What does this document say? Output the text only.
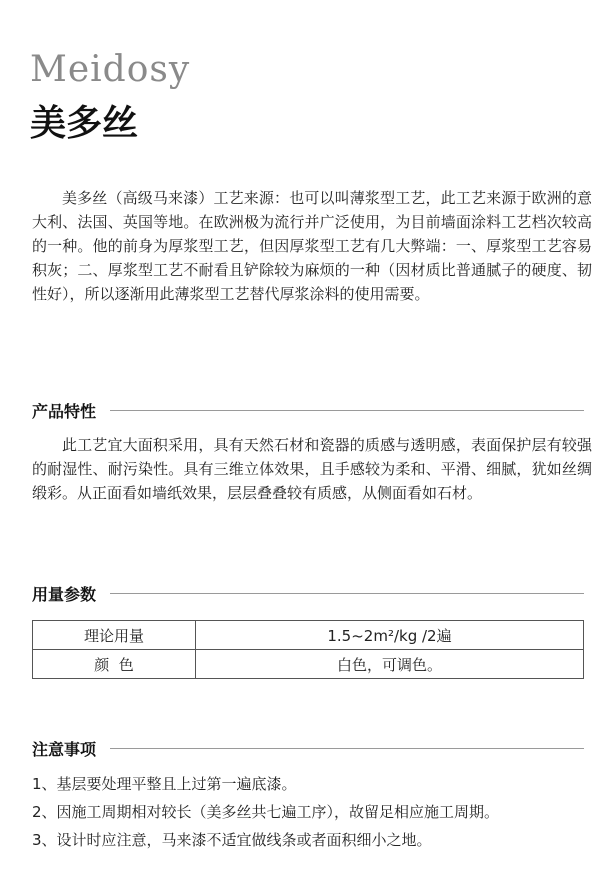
Meidosy
美多丝

美多丝（高级马来漆）工艺来源：也可以叫薄浆型工艺，此工艺来源于欧洲的意大利、法国、英国等地。在欧洲极为流行并广泛使用，为目前墙面涂料工艺档次较高的一种。他的前身为厚浆型工艺，但因厚浆型工艺有几大弊端：一、厚浆型工艺容易积灰；二、厚浆型工艺不耐看且铲除较为麻烦的一种（因材质比普通腻子的硬度、韧性好），所以逐渐用此薄浆型工艺替代厚浆涂料的使用需要。

产品特性

此工艺宜大面积采用，具有天然石材和瓷器的质感与透明感，表面保护层有较强的耐湿性、耐污染性。具有三维立体效果，且手感较为柔和、平滑、细腻，犹如丝绸缎彩。从正面看如墙纸效果，层层叠叠较有质感，从侧面看如石材。

用量参数
理论用量	1.5~2m²/kg /2遍
颜  色	白色，可调色。
注意事项
1、基层要处理平整且上过第一遍底漆。
2、因施工周期相对较长（美多丝共七遍工序），故留足相应施工周期。
3、设计时应注意，马来漆不适宜做线条或者面积细小之地。
